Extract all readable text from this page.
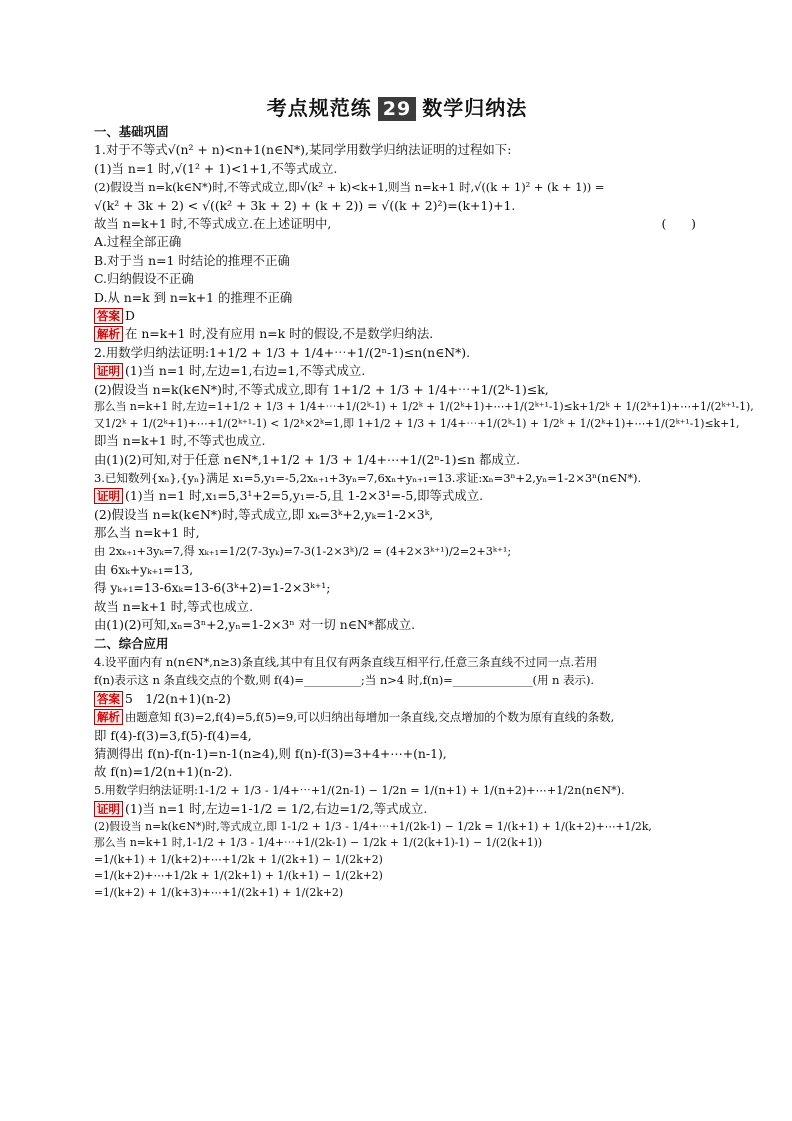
考点规范练 29 数学归纳法
一、基础巩固
1.对于不等式√(n² + n)<n+1(n∈N*),某同学用数学归纳法证明的过程如下:
(1)当 n=1 时,√(1² + 1)<1+1,不等式成立.
(2)假设当 n=k(k∈N*)时,不等式成立,即√(k² + k)<k+1,则当 n=k+1 时,√((k + 1)² + (k + 1)) =
√(k² + 3k + 2) < √((k² + 3k + 2) + (k + 2)) = √((k + 2)²)=(k+1)+1.
故当 n=k+1 时,不等式成立.在上述证明中,	(　　)
A.过程全部正确
B.对于当 n=1 时结论的推理不正确
C.归纳假设不正确
D.从 n=k 到 n=k+1 的推理不正确
答案 D
解析 在 n=k+1 时,没有应用 n=k 时的假设,不是数学归纳法.
2.用数学归纳法证明:1+1/2 + 1/3 + 1/4+⋯+1/(2ⁿ-1)≤n(n∈N*).
证明 (1)当 n=1 时,左边=1,右边=1,不等式成立.
(2)假设当 n=k(k∈N*)时,不等式成立,即有 1+1/2 + 1/3 + 1/4+⋯+1/(2ᵏ-1)≤k,
那么当 n=k+1 时,左边=1+1/2 + 1/3 + 1/4+⋯+1/(2ᵏ-1) + 1/2ᵏ + 1/(2ᵏ+1)+⋯+1/(2ᵏ⁺¹-1)≤k+1/2ᵏ + 1/(2ᵏ+1)+⋯+1/(2ᵏ⁺¹-1),
又1/2ᵏ + 1/(2ᵏ+1)+⋯+1/(2ᵏ⁺¹-1) < 1/2ᵏ×2ᵏ=1,即 1+1/2 + 1/3 + 1/4+⋯+1/(2ᵏ-1) + 1/2ᵏ + 1/(2ᵏ+1)+⋯+1/(2ᵏ⁺¹-1)≤k+1,
即当 n=k+1 时,不等式也成立.
由(1)(2)可知,对于任意 n∈N*,1+1/2 + 1/3 + 1/4+⋯+1/(2ⁿ-1)≤n 都成立.
3.已知数列{xₙ},{yₙ}满足 x₁=5,y₁=-5,2xₙ₊₁+3yₙ=7,6xₙ+yₙ₊₁=13.求证:xₙ=3ⁿ+2,yₙ=1-2×3ⁿ(n∈N*).
证明 (1)当 n=1 时,x₁=5,3¹+2=5,y₁=-5,且 1-2×3¹=-5,即等式成立.
(2)假设当 n=k(k∈N*)时,等式成立,即 xₖ=3ᵏ+2,yₖ=1-2×3ᵏ,
那么当 n=k+1 时,
由 2xₖ₊₁+3yₖ=7,得 xₖ₊₁=1/2(7-3yₖ)=7-3(1-2×3ᵏ)/2 = (4+2×3ᵏ⁺¹)/2=2+3ᵏ⁺¹;
由 6xₖ+yₖ₊₁=13,
得 yₖ₊₁=13-6xₖ=13-6(3ᵏ+2)=1-2×3ᵏ⁺¹;
故当 n=k+1 时,等式也成立.
由(1)(2)可知,xₙ=3ⁿ+2,yₙ=1-2×3ⁿ 对一切 n∈N*都成立.
二、综合应用
4.设平面内有 n(n∈N*,n≥3)条直线,其中有且仅有两条直线互相平行,任意三条直线不过同一点.若用
f(n)表示这 n 条直线交点的个数,则 f(4)=__________;当 n>4 时,f(n)=______________(用 n 表示).
答案 5　1/2(n+1)(n-2)
解析 由题意知 f(3)=2,f(4)=5,f(5)=9,可以归纳出每增加一条直线,交点增加的个数为原有直线的条数,
即 f(4)-f(3)=3,f(5)-f(4)=4,
猜测得出 f(n)-f(n-1)=n-1(n≥4),则 f(n)-f(3)=3+4+⋯+(n-1),
故 f(n)=1/2(n+1)(n-2).
5.用数学归纳法证明:1-1/2 + 1/3 - 1/4+⋯+1/(2n-1) − 1/2n = 1/(n+1) + 1/(n+2)+⋯+1/2n(n∈N*).
证明 (1)当 n=1 时,左边=1-1/2 = 1/2,右边=1/2,等式成立.
(2)假设当 n=k(k∈N*)时,等式成立,即 1-1/2 + 1/3 - 1/4+⋯+1/(2k-1) − 1/2k = 1/(k+1) + 1/(k+2)+⋯+1/2k,
那么当 n=k+1 时,1-1/2 + 1/3 - 1/4+⋯+1/(2k-1) − 1/2k + 1/(2(k+1)-1) − 1/(2(k+1))
=1/(k+1) + 1/(k+2)+⋯+1/2k + 1/(2k+1) − 1/(2k+2)
=1/(k+2)+⋯+1/2k + 1/(2k+1) + 1/(k+1) − 1/(2k+2)
=1/(k+2) + 1/(k+3)+⋯+1/(2k+1) + 1/(2k+2)
